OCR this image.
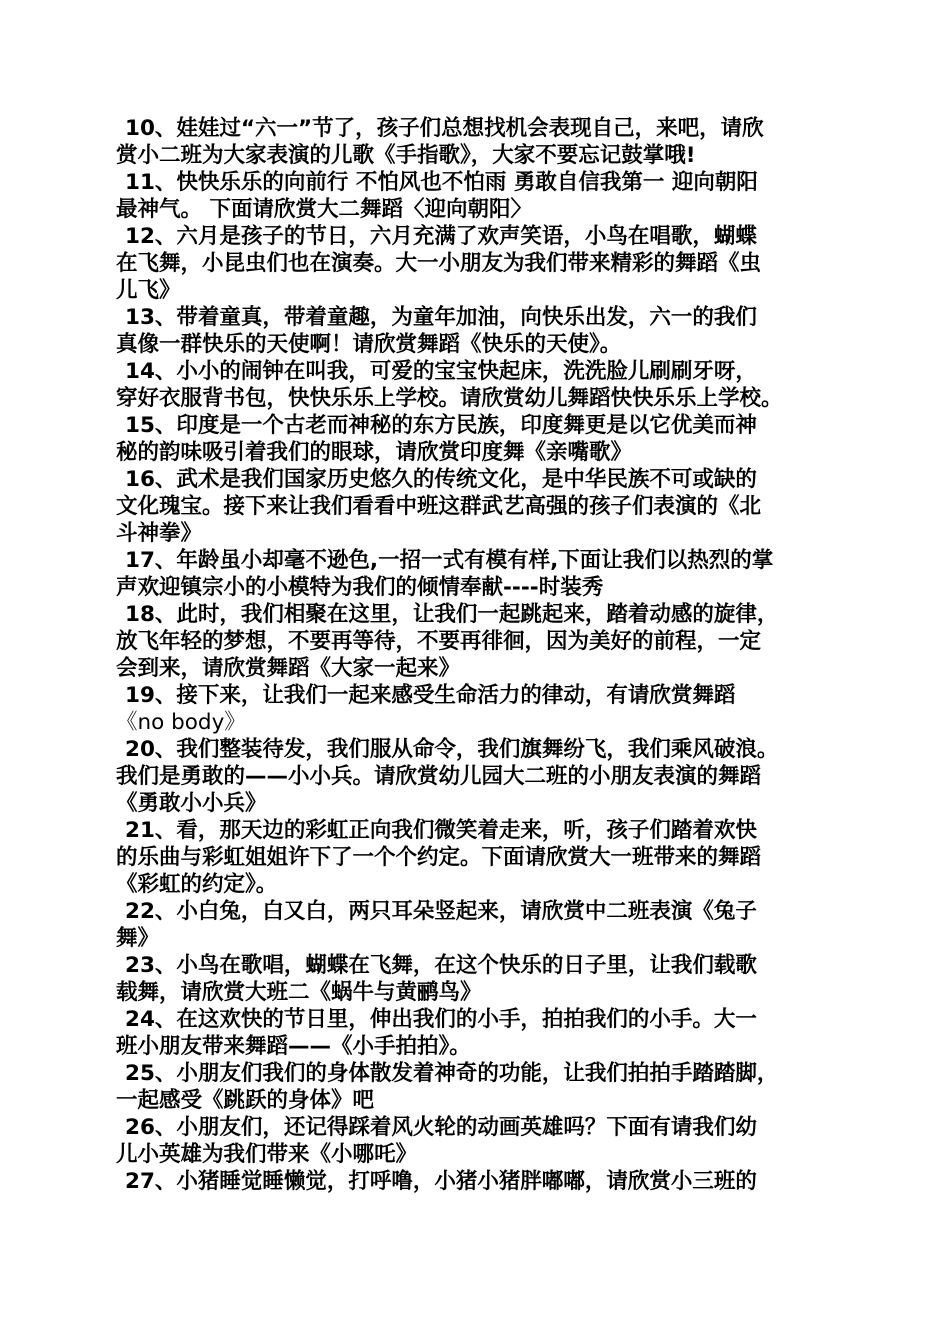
10、娃娃过“六一”节了，孩子们总想找机会表现自己，来吧，请欣
赏小二班为大家表演的儿歌《手指歌》，大家不要忘记鼓掌哦!
11、快快乐乐的向前行 不怕风也不怕雨 勇敢自信我第一 迎向朝阳
最神气。 下面请欣赏大二舞蹈〈迎向朝阳〉
12、六月是孩子的节日，六月充满了欢声笑语，小鸟在唱歌，蝴蝶
在飞舞，小昆虫们也在演奏。大一小朋友为我们带来精彩的舞蹈《虫
儿飞》
13、带着童真，带着童趣，为童年加油，向快乐出发，六一的我们
真像一群快乐的天使啊！请欣赏舞蹈《快乐的天使》。
14、小小的闹钟在叫我，可爱的宝宝快起床，洗洗脸儿刷刷牙呀，
穿好衣服背书包，快快乐乐上学校。请欣赏幼儿舞蹈快快乐乐上学校。
15、印度是一个古老而神秘的东方民族，印度舞更是以它优美而神
秘的韵味吸引着我们的眼球，请欣赏印度舞《亲嘴歌》
16、武术是我们国家历史悠久的传统文化，是中华民族不可或缺的
文化瑰宝。接下来让我们看看中班这群武艺高强的孩子们表演的《北
斗神拳》
17、年龄虽小却毫不逊色,一招一式有模有样,下面让我们以热烈的掌
声欢迎镇宗小的小模特为我们的倾情奉献----时装秀
18、此时，我们相聚在这里，让我们一起跳起来，踏着动感的旋律，
放飞年轻的梦想，不要再等待，不要再徘徊，因为美好的前程，一定
会到来，请欣赏舞蹈《大家一起来》
19、接下来，让我们一起来感受生命活力的律动，有请欣赏舞蹈
《no body》
20、我们整装待发，我们服从命令，我们旗舞纷飞，我们乘风破浪。
我们是勇敢的——小小兵。请欣赏幼儿园大二班的小朋友表演的舞蹈
《勇敢小小兵》
21、看，那天边的彩虹正向我们微笑着走来，听，孩子们踏着欢快
的乐曲与彩虹姐姐许下了一个个约定。下面请欣赏大一班带来的舞蹈
《彩虹的约定》。
22、小白兔，白又白，两只耳朵竖起来，请欣赏中二班表演《兔子
舞》
23、小鸟在歌唱，蝴蝶在飞舞，在这个快乐的日子里，让我们载歌
载舞，请欣赏大班二《蜗牛与黄鹂鸟》
24、在这欢快的节日里，伸出我们的小手，拍拍我们的小手。大一
班小朋友带来舞蹈——《小手拍拍》。
25、小朋友们我们的身体散发着神奇的功能，让我们拍拍手踏踏脚，
一起感受《跳跃的身体》吧
26、小朋友们，还记得踩着风火轮的动画英雄吗？下面有请我们幼
儿小英雄为我们带来《小哪吒》
27、小猪睡觉睡懒觉，打呼噜，小猪小猪胖嘟嘟，请欣赏小三班的
